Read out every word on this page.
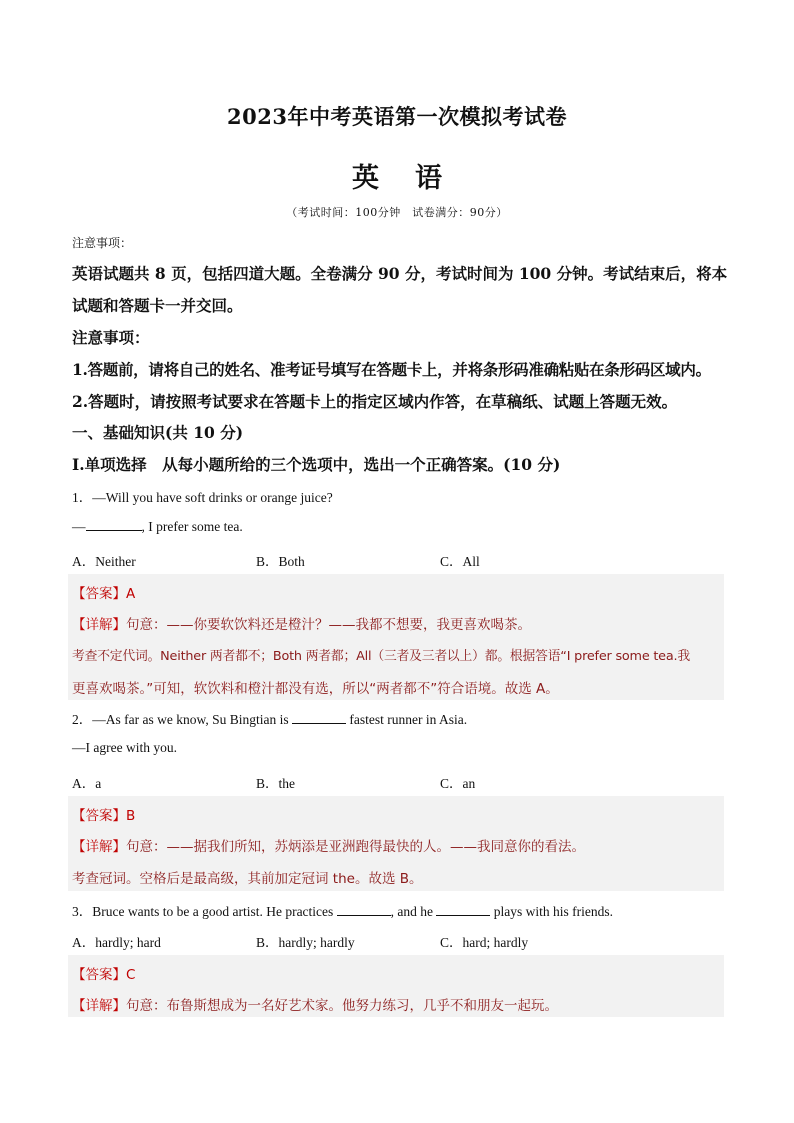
2023年中考英语第一次模拟考试卷
英 语
（考试时间：100分钟　试卷满分：90分）
注意事项：
英语试题共 8 页，包括四道大题。全卷满分 90 分，考试时间为 100 分钟。考试结束后，将本
试题和答题卡一并交回。
注意事项：
1.答题前，请将自己的姓名、准考证号填写在答题卡上，并将条形码准确粘贴在条形码区域内。
2.答题时，请按照考试要求在答题卡上的指定区域内作答，在草稿纸、试题上答题无效。
一、基础知识(共 10 分)
I.单项选择　从每小题所给的三个选项中，选出一个正确答案。(10 分)
1．—Will you have soft drinks or orange juice?
—	, I prefer some tea.
A．Neither	B．Both	C．All
【答案】A
【详解】句意：——你要软饮料还是橙汁？——我都不想要，我更喜欢喝茶。
考查不定代词。Neither 两者都不；Both 两者都；All（三者及三者以上）都。根据答语“I prefer some tea.我
更喜欢喝茶。”可知，软饮料和橙汁都没有选，所以“两者都不”符合语境。故选 A。
2．—As far as we know, Su Bingtian is	fastest runner in Asia.
—I agree with you.
A．a	B．the	C．an
【答案】B
【详解】句意：——据我们所知，苏炳添是亚洲跑得最快的人。——我同意你的看法。
考查冠词。空格后是最高级，其前加定冠词 the。故选 B。
3．Bruce wants to be a good artist. He practices	, and he	plays with his friends.
A．hardly; hard	B．hardly; hardly	C．hard; hardly
【答案】C
【详解】句意：布鲁斯想成为一名好艺术家。他努力练习，几乎不和朋友一起玩。
